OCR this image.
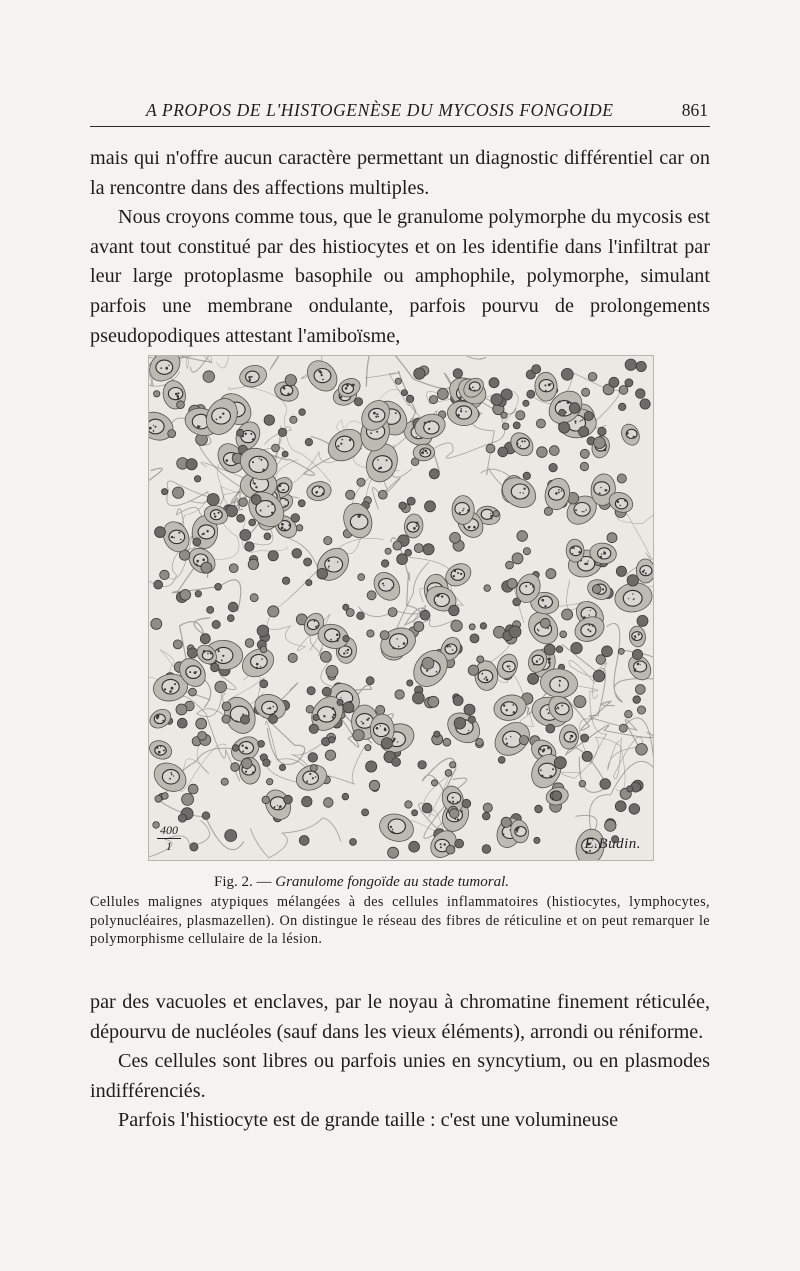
A PROPOS DE L'HISTOGENÈSE DU MYCOSIS FONGOIDE	861

mais qui n'offre aucun caractère permettant un diagnostic différentiel car on la rencontre dans des affections multiples.

Nous croyons comme tous, que le granulome polymorphe du mycosis est avant tout constitué par des histiocytes et on les identifie dans l'infiltrat par leur large protoplasme basophile ou amphophile, polymorphe, simulant parfois une membrane ondulante, parfois pourvu de prolongements pseudopodiques attestant l'amiboïsme,

400
1	E.Budin.
Fig. 2. — Granulome fongoïde au stade tumoral.
Cellules malignes atypiques mélangées à des cellules inflammatoires (histiocytes, lymphocytes, polynucléaires, plasmazellen). On distingue le réseau des fibres de réticuline et on peut remarquer le polymorphisme cellulaire de la lésion.

par des vacuoles et enclaves, par le noyau à chromatine finement réticulée, dépourvu de nucléoles (sauf dans les vieux éléments), arrondi ou réniforme.

Ces cellules sont libres ou parfois unies en syncytium, ou en plasmodes indifférenciés.

Parfois l'histiocyte est de grande taille : c'est une volumineuse
